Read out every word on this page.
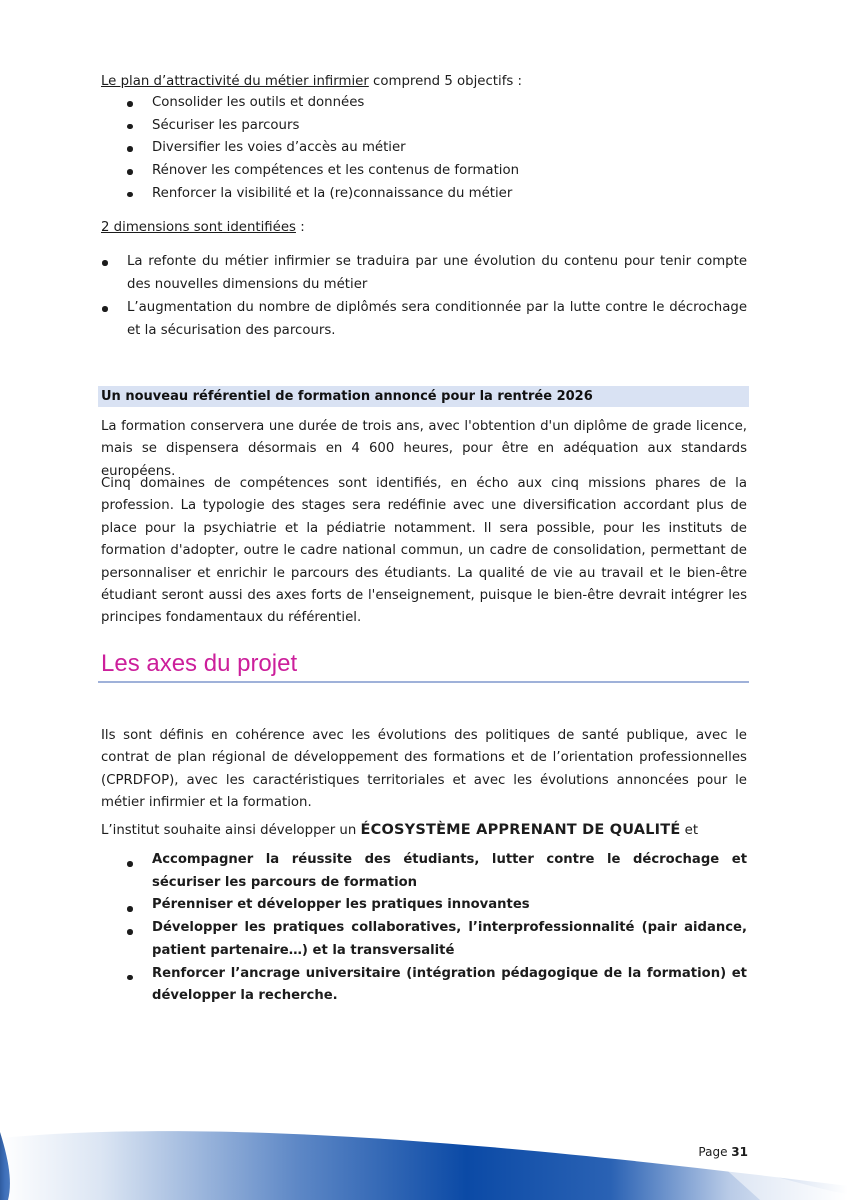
Le plan d’attractivité du métier infirmier comprend 5 objectifs :
Consolider les outils et données
Sécuriser les parcours
Diversifier les voies d’accès au métier
Rénover les compétences et les contenus de formation
Renforcer la visibilité et la (re)connaissance du métier
2 dimensions sont identifiées :
La refonte du métier infirmier se traduira par une évolution du contenu pour tenir compte des nouvelles dimensions du métier
L’augmentation du nombre de diplômés sera conditionnée par la lutte contre le décrochage et la sécurisation des parcours.
Un nouveau référentiel de formation annoncé pour la rentrée 2026

La formation conservera une durée de trois ans, avec l'obtention d'un diplôme de grade licence, mais se dispensera désormais en 4 600 heures, pour être en adéquation aux standards européens.

Cinq domaines de compétences sont identifiés, en écho aux cinq missions phares de la profession. La typologie des stages sera redéfinie avec une diversification accordant plus de place pour la psychiatrie et la pédiatrie notamment. Il sera possible, pour les instituts de formation d'adopter, outre le cadre national commun, un cadre de consolidation, permettant de personnaliser et enrichir le parcours des étudiants. La qualité de vie au travail et le bien-être étudiant seront aussi des axes forts de l'enseignement, puisque le bien-être devrait intégrer les principes fondamentaux du référentiel.

Les axes du projet

Ils sont définis en cohérence avec les évolutions des politiques de santé publique, avec le contrat de plan régional de développement des formations et de l’orientation professionnelles (CPRDFOP), avec les caractéristiques territoriales et avec les évolutions annoncées pour le métier infirmier et la formation.

L’institut souhaite ainsi développer un ÉCOSYSTÈME APPRENANT DE QUALITÉ et

Accompagner la réussite des étudiants, lutter contre le décrochage et sécuriser les parcours de formation
Pérenniser et développer les pratiques innovantes
Développer les pratiques collaboratives, l’interprofessionnalité (pair aidance, patient partenaire…) et la transversalité
Renforcer l’ancrage universitaire (intégration pédagogique de la formation) et développer la recherche.
Page 31
